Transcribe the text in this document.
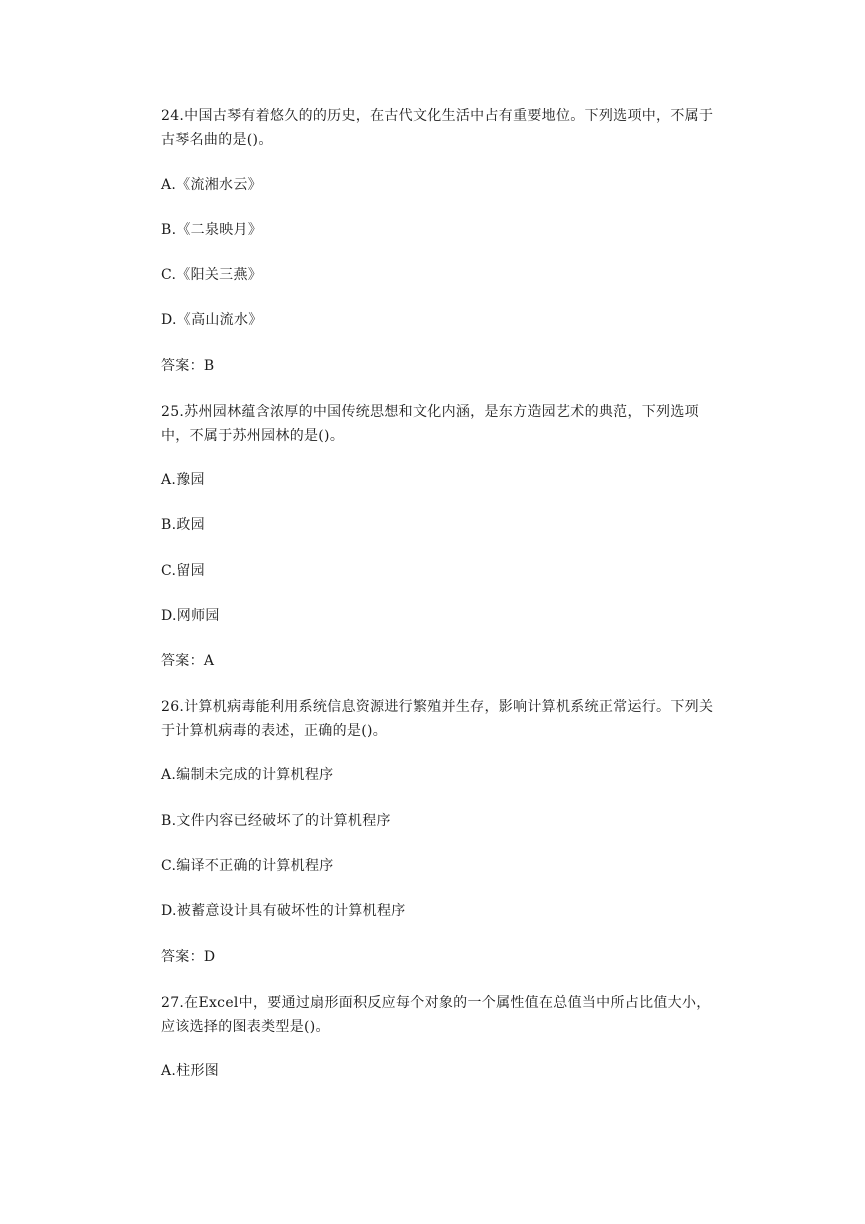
24.中国古琴有着悠久的的历史，在古代文化生活中占有重要地位。下列选项中，不属于古琴名曲的是()。
A.《流湘水云》
B.《二泉映月》
C.《阳关三燕》
D.《高山流水》
答案：B
25.苏州园林蕴含浓厚的中国传统思想和文化内涵，是东方造园艺术的典范，下列选项中，不属于苏州园林的是()。
A.豫园
B.政园
C.留园
D.网师园
答案：A
26.计算机病毒能利用系统信息资源进行繁殖并生存，影响计算机系统正常运行。下列关于计算机病毒的表述，正确的是()。
A.编制未完成的计算机程序
B.文件内容已经破坏了的计算机程序
C.编译不正确的计算机程序
D.被蓄意设计具有破坏性的计算机程序
答案：D
27.在Excel中，要通过扇形面积反应每个对象的一个属性值在总值当中所占比值大小，应该选择的图表类型是()。
A.柱形图
